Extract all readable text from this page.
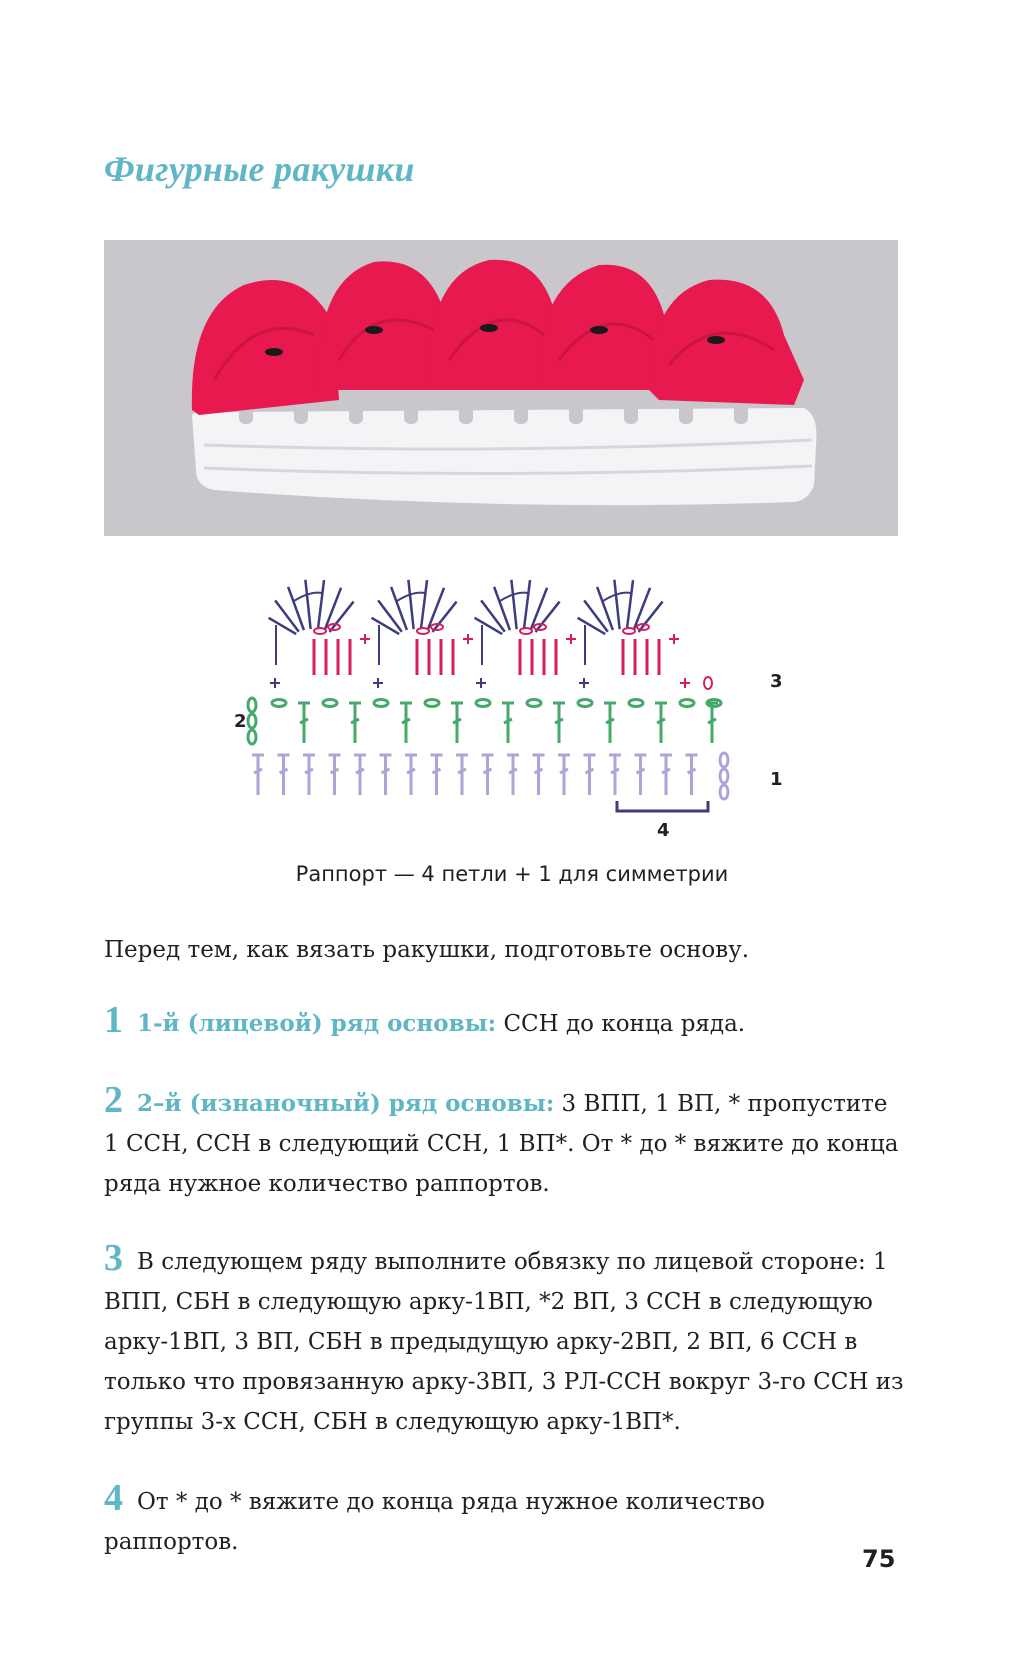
Фигурные ракушки
3
2
1
4
Раппорт — 4 петли + 1 для симметрии
Перед тем, как вязать ракушки, подготовьте основу.
1 1-й (лицевой) ряд основы: ССН до конца ряда.
2 2–й (изнаночный) ряд основы: 3 ВПП, 1 ВП, * пропустите 1 ССН, ССН в следующий ССН, 1 ВП*. От * до * вяжите до конца ряда нужное количество раппортов.
3 В следующем ряду выполните обвязку по лицевой стороне: 1 ВПП, СБН в следующую арку-1ВП, *2 ВП, 3 ССН в следующую арку-1ВП, 3 ВП, СБН в предыдущую арку-2ВП, 2 ВП, 6 ССН в только что провязанную арку-3ВП, 3 РЛ-ССН вокруг 3-го ССН из группы 3-х ССН, СБН в следующую арку-1ВП*.
4 От * до * вяжите до конца ряда нужное количество раппортов.
75
